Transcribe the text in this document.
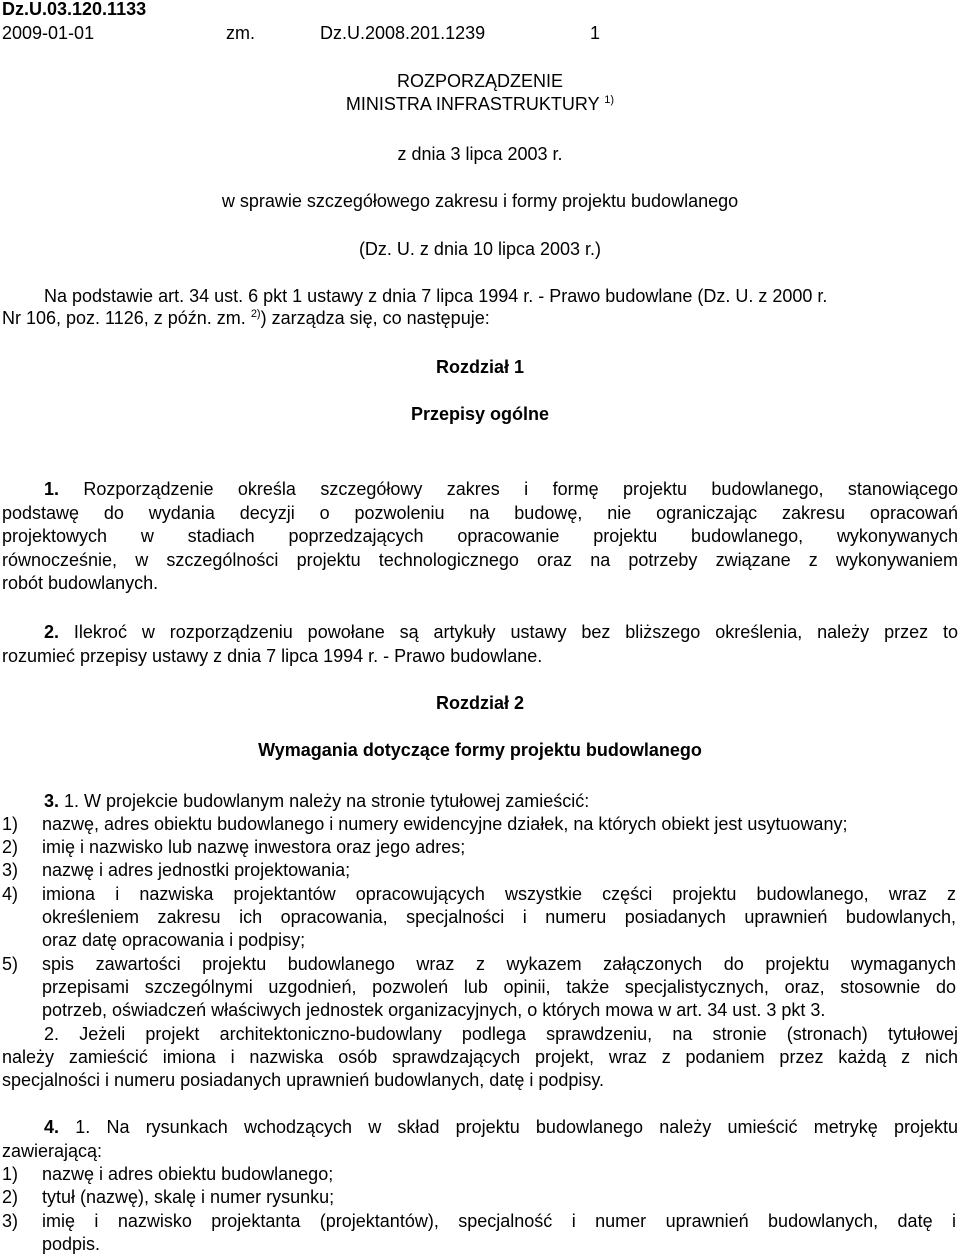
Dz.U.03.120.1133
2009-01-01	zm.	Dz.U.2008.201.1239	1
ROZPORZĄDZENIE
MINISTRA INFRASTRUKTURY $^{1)}$
z dnia 3 lipca 2003 r.
w sprawie szczegółowego zakresu i formy projektu budowlanego
(Dz. U. z dnia 10 lipca 2003 r.)
Na podstawie art. 34 ust. 6 pkt 1 ustawy z dnia 7 lipca 1994 r. - Prawo budowlane (Dz. U. z 2000 r.
Nr 106, poz. 1126, z późn. zm. $^{2)}$) zarządza się, co następuje:
Rozdział 1
Przepisy ogólne
1. Rozporządzenie określa szczegółowy zakres i formę projektu budowlanego, stanowiącego
podstawę do wydania decyzji o pozwoleniu na budowę, nie ograniczając zakresu opracowań
projektowych w stadiach poprzedzających opracowanie projektu budowlanego, wykonywanych
równocześnie, w szczególności projektu technologicznego oraz na potrzeby związane z wykonywaniem
robót budowlanych.
2. Ilekroć w rozporządzeniu powołane są artykuły ustawy bez bliższego określenia, należy przez to
rozumieć przepisy ustawy z dnia 7 lipca 1994 r. - Prawo budowlane.
Rozdział 2
Wymagania dotyczące formy projektu budowlanego
3. 1. W projekcie budowlanym należy na stronie tytułowej zamieścić:
1) nazwę, adres obiektu budowlanego i numery ewidencyjne działek, na których obiekt jest usytuowany;
2) imię i nazwisko lub nazwę inwestora oraz jego adres;
3) nazwę i adres jednostki projektowania;
4) imiona i nazwiska projektantów opracowujących wszystkie części projektu budowlanego, wraz z
określeniem zakresu ich opracowania, specjalności i numeru posiadanych uprawnień budowlanych,
oraz datę opracowania i podpisy;
5) spis zawartości projektu budowlanego wraz z wykazem załączonych do projektu wymaganych
przepisami szczególnymi uzgodnień, pozwoleń lub opinii, także specjalistycznych, oraz, stosownie do
potrzeb, oświadczeń właściwych jednostek organizacyjnych, o których mowa w art. 34 ust. 3 pkt 3.
2. Jeżeli projekt architektoniczno-budowlany podlega sprawdzeniu, na stronie (stronach) tytułowej
należy zamieścić imiona i nazwiska osób sprawdzających projekt, wraz z podaniem przez każdą z nich
specjalności i numeru posiadanych uprawnień budowlanych, datę i podpisy.
4. 1. Na rysunkach wchodzących w skład projektu budowlanego należy umieścić metrykę projektu
zawierającą:
1) nazwę i adres obiektu budowlanego;
2) tytuł (nazwę), skalę i numer rysunku;
3) imię i nazwisko projektanta (projektantów), specjalność i numer uprawnień budowlanych, datę i
podpis.
